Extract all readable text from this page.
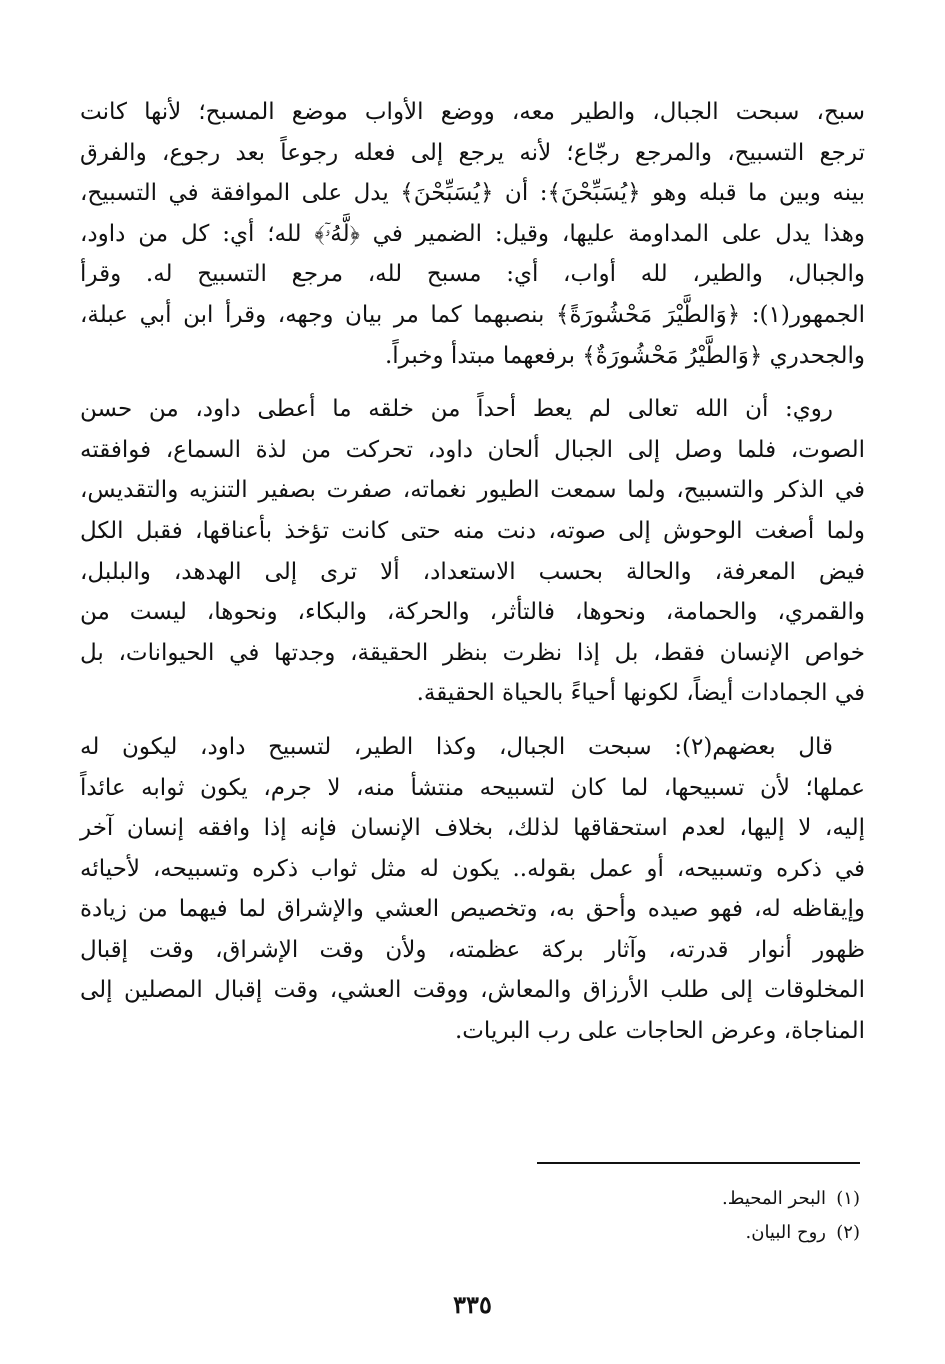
سبح، سبحت الجبال، والطير معه، ووضع الأواب موضع المسبح؛ لأنها كانت

ترجع التسبيح، والمرجع رجّاع؛ لأنه يرجع إلى فعله رجوعاً بعد رجوع، والفرق

بينه وبين ما قبله وهو ﴿يُسَبِّحْنَ﴾: أن ﴿يُسَبِّحْنَ﴾ يدل على الموافقة في التسبيح،

وهذا يدل على المداومة عليها، وقيل: الضمير في ﴿لَّهُۥٓ﴾ لله؛ أي: كل من داود،

والجبال، والطير، لله أواب، أي: مسبح لله، مرجع التسبيح له. وقرأ

الجمهور(١): ﴿وَالطَّيْرَ مَحْشُورَةً﴾ بنصبهما كما مر بيان وجهه، وقرأ ابن أبي عبلة،

والجحدري ﴿وَالطَّيْرُ مَحْشُورَةٌ﴾ برفعهما مبتدأ وخبراً.

روي: أن الله تعالى لم يعط أحداً من خلقه ما أعطى داود، من حسن

الصوت، فلما وصل إلى الجبال ألحان داود، تحركت من لذة السماع، فوافقته

في الذكر والتسبيح، ولما سمعت الطيور نغماته، صفرت بصفير التنزيه والتقديس،

ولما أصغت الوحوش إلى صوته، دنت منه حتى كانت تؤخذ بأعناقها، فقبل الكل

فيض المعرفة، والحالة بحسب الاستعداد، ألا ترى إلى الهدهد، والبلبل،

والقمري، والحمامة، ونحوها، فالتأثر، والحركة، والبكاء، ونحوها، ليست من

خواص الإنسان فقط، بل إذا نظرت بنظر الحقيقة، وجدتها في الحيوانات، بل

في الجمادات أيضاً، لكونها أحياءً بالحياة الحقيقة.

قال بعضهم(٢): سبحت الجبال، وكذا الطير، لتسبيح داود، ليكون له

عملها؛ لأن تسبيحها، لما كان لتسبيحه منتشأ منه، لا جرم، يكون ثوابه عائداً

إليه، لا إليها، لعدم استحقاقها لذلك، بخلاف الإنسان فإنه إذا وافقه إنسان آخر

في ذكره وتسبيحه، أو عمل بقوله.. يكون له مثل ثواب ذكره وتسبيحه، لأحيائه

وإيقاظه له، فهو صيده وأحق به، وتخصيص العشي والإشراق لما فيهما من زيادة

ظهور أنوار قدرته، وآثار بركة عظمته، ولأن وقت الإشراق، وقت إقبال

المخلوقات إلى طلب الأرزاق والمعاش، ووقت العشي، وقت إقبال المصلين إلى

المناجاة، وعرض الحاجات على رب البريات.

(١)
البحر المحيط.
(٢)
روح البيان.
٣٣٥
